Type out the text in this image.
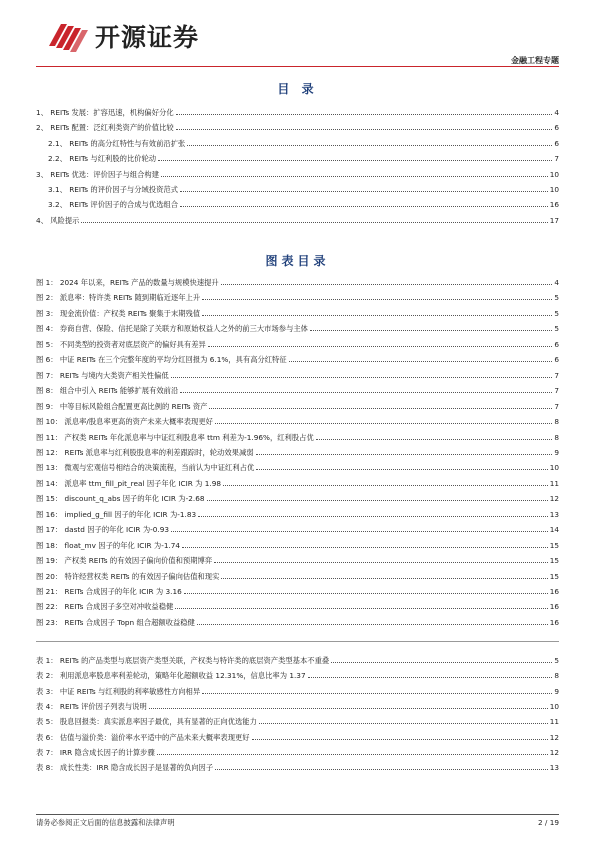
开源证券
金融工程专题
目 录
1、 REITs 发展：扩容迅速，机构偏好分化	4
2、 REITs 配置：泛红利类资产的价值比较	6
2.1、 REITs 的高分红特性与有效前沿扩张	6
2.2、 REITs 与红利股的比价轮动	7
3、 REITs 优选：评价因子与组合构建	10
3.1、 REITs 的评价因子与分域投资范式	10
3.2、 REITs 评价因子的合成与优选组合	16
4、 风险提示	17
图表目录
图 1： 2024 年以来，REITs 产品的数量与规模快速提升	4
图 2： 派息率：特许类 REITs 随到期临近逐年上升	5
图 3： 现金流价值：产权类 REITs 聚集于末期残值	5
图 4： 券商自营、保险、信托是除了关联方和原始权益人之外的前三大市场参与主体	5
图 5： 不同类型的投资者对底层资产的偏好具有差异	6
图 6： 中证 REITs 在三个完整年度的平均分红回报为 6.1%，具有高分红特征	6
图 7： REITs 与境内大类资产相关性偏低	7
图 8： 组合中引入 REITs 能够扩展有效前沿	7
图 9： 中等目标风险组合配置更高比例的 REITs 资产	7
图 10： 派息率/股息率更高的资产未来大概率表现更好	8
图 11： 产权类 REITs 年化派息率与中证红利股息率 ttm 利差为-1.96%，红利股占优	8
图 12： REITs 派息率与红利股股息率的利差跟踪时，轮动效果减弱	9
图 13： 微观与宏观信号相结合的决策流程，当前认为中证红利占优	10
图 14： 派息率 ttm_fill_pit_real 因子年化 ICIR 为 1.98	11
图 15： discount_q_abs 因子的年化 ICIR 为-2.68	12
图 16： implied_g_fill 因子的年化 ICIR 为-1.83	13
图 17： dastd 因子的年化 ICIR 为-0.93	14
图 18： float_mv 因子的年化 ICIR 为-1.74	15
图 19： 产权类 REITs 的有效因子偏向价值和预期博弈	15
图 20： 特许经营权类 REITs 的有效因子偏向估值和现实	15
图 21： REITs 合成因子的年化 ICIR 为 3.16	16
图 22： REITs 合成因子多空对冲收益稳健	16
图 23： REITs 合成因子 Topn 组合超额收益稳健	16
表 1： REITs 的产品类型与底层资产类型关联，产权类与特许类的底层资产类型基本不重叠	5
表 2： 利用派息率股息率利差轮动，策略年化超额收益 12.31%，信息比率为 1.37	8
表 3： 中证 REITs 与红利股的利率敏感性方向相异	9
表 4： REITs 评价因子列表与说明	10
表 5： 股息回报类：真实派息率因子最优，具有显著的正向优选能力	11
表 6： 估值与溢价类：溢价率水平适中的产品未来大概率表现更好	12
表 7： IRR 隐含成长因子的计算步骤	12
表 8： 成长性类：IRR 隐含成长因子是显著的负向因子	13
请务必参阅正文后面的信息披露和法律声明	2 / 19
